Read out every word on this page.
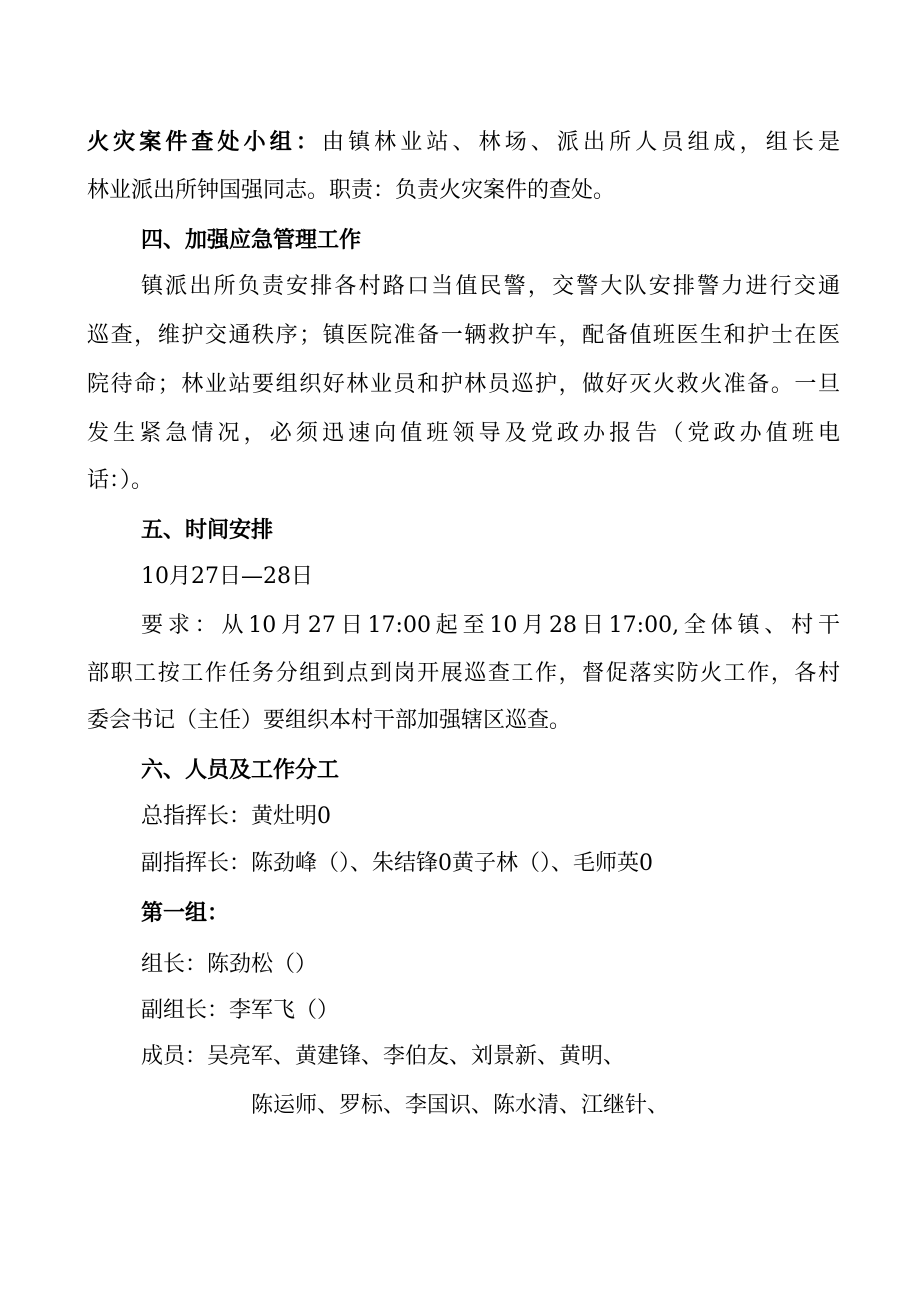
火灾案件查处小组：由镇林业站、林场、派出所人员组成，组长是
林业派出所钟国强同志。职责：负责火灾案件的查处。
四、加强应急管理工作
镇派出所负责安排各村路口当值民警，交警大队安排警力进行交通
巡查，维护交通秩序；镇医院准备一辆救护车，配备值班医生和护士在医
院待命；林业站要组织好林业员和护林员巡护，做好灭火救火准备。一旦
发生紧急情况，必须迅速向值班领导及党政办报告（党政办值班电
话：）。
五、时间安排
10月27日—28日
要求：从10月27日17:00起至10月28日17:00,全体镇、村干
部职工按工作任务分组到点到岗开展巡查工作，督促落实防火工作，各村
委会书记（主任）要组织本村干部加强辖区巡查。
六、人员及工作分工
总指挥长：黄灶明0
副指挥长：陈劲峰（）、朱结锋0黄子林（）、毛师英0
第一组：
组长：陈劲松（）
副组长：李军飞（）
成员：吴亮军、黄建锋、李伯友、刘景新、黄明、
陈运师、罗标、李国识、陈水清、江继针、
